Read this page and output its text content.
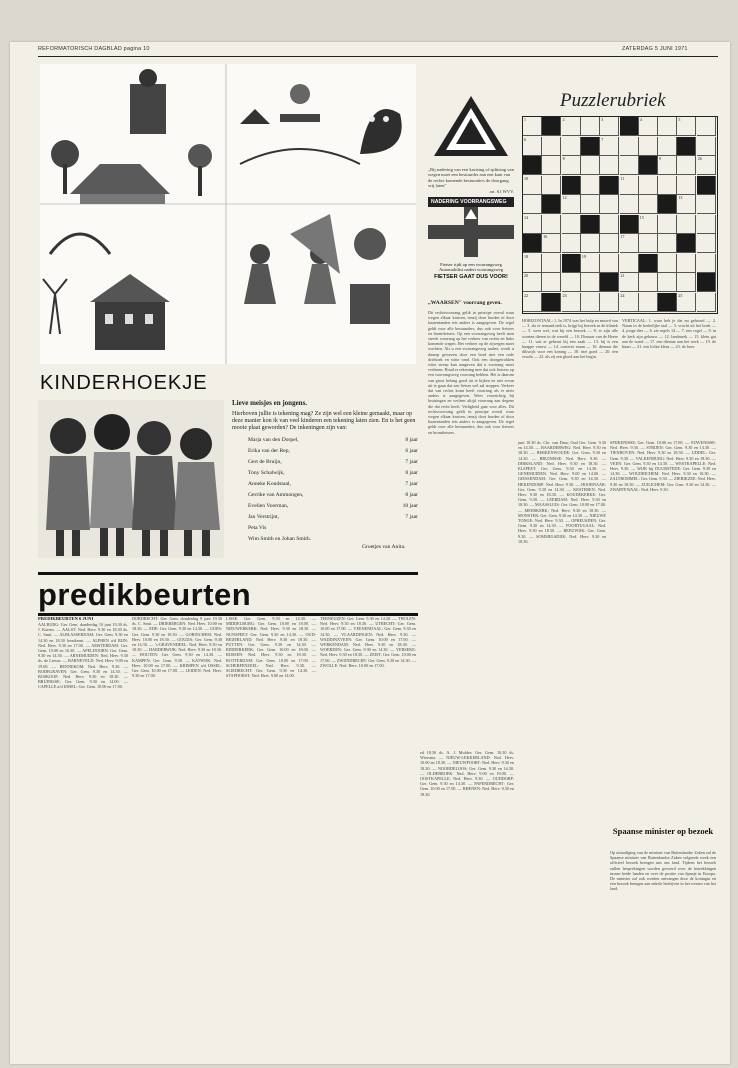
REFORMATORISCH DAGBLAD pagina 10	ZATERDAG 5 JUNI 1971
„Bij nadering van een kruising of splitsing van wegen moet een bestuurder aan een kant van de rechts komende bestuurders de doorgang vrij laten"
art. 61 WVV.
NADERING VOORRANGSWEG
Fietser rijdt op een voorrangsweg
Automobilist nadert voorrangsweg
FIETSER GAAT DUS VOOR!
„WAARSEN" voorrang geven.
Dit rechtsvoorrang geldt in principe overal waar wegen elkaar kruisen, tenzij door borden of door haaientanden iets anders is aangegeven. De regel geldt voor alle bestuurders, dus ook voor fietsers en bromfietsers. Op een voorrangsweg heeft men steeds voorrang op het verkeer van rechts en links komende wegen. Het verkeer op de zijwegen moet wachten. Als u een voorrangsweg nadert, wordt u daarop gewezen door een bord met een rode driehoek en witte rand. Ook een doorgetrokken witte streep kan aangeven dat u voorrang moet verlenen. Houd er rekening mee dat ook fietsers op een voorrangsweg voorrang hebben. Het is daarom van groot belang goed uit te kijken en niet ervan uit te gaan dat een fietser wel zal stoppen. Verkeer dat van rechts komt heeft voorrang als er niets anders is aangegeven. Wees voorzichtig bij kruisingen en verleen altijd voorrang aan degene die dat recht heeft. Veiligheid gaat voor alles. Dit rechtsvoorrang geldt in principe overal waar wegen elkaar kruisen, tenzij door borden of door haaientanden iets anders is aangegeven. De regel geldt voor alle bestuurders, dus ook voor fietsers en bromfietsers.
Puzzlerubriek
1	2	3	4	5
6	7
8	9	26
10	11
12	13
14	15
16	17
18	19
20	21
22	23	24	25
HORIZONTAAL: 1. In 1974 was het hulp en moord van — 3. als er iemand ziek is, krijgt hij bezoek in de kliniek — 5. weet wel, wat bij een bezoek — 8. er zijn alle soorten dieren in de wereld — 10. Dienaar van de Heere — 11. wat er gebeurt bij een zaak — 13. hij is een knappe vrouw — 14. oosterse naam — 16. dienaar die dikwijls voor een koning — 18. niet goed — 20. een vrucht — 22. als zij een gloed aan het begin.
VERTICAAL: 1. waar heb je dat nu gehoord — 2. Naam in de kerkelijke taal — 3. vrucht uit het boek — 4. jonge dier — 6. zie regels 14 — 7. een vogel — 9. in de kerk zijn gebouw — 12. landmerk — 15. klein gat aan de wand — 17. een dienaar aan het werk — 19. de buurt — 21. een lichte kleur — 23. de boer.
KINDERHOEKJE
Lieve meisjes en jongens.
Hierboven jullie is tekening mag? Ze zijn wel een kleine gemaakt, maar op deze manier kon ik van veel kinderen een tekening laten zien. En is het geen mooie plaat geworden? De inkeningen zijn van:
Marja van den Dorpel,	8 jaar
Erika van der Rep,	6 jaar
Gert de Bruijn,	7 jaar
Tony Schalwijk,	8 jaar
Anneke Koudstaal,	7 jaar
Gerrike van Ammongen,	8 jaar
Evelien Voorman,	10 jaar
Jan Verstrijnt,	7 jaar
Peta Vis
Wim Smith en Johan Smith.
Groetjes van Anita.
predikbeurten
PREDIKBEURTEN 6 JUNI
AALBURG: Ger. Gem. donderdag 10 juni 19.30 ds. J. Karens. — AALST: Ned. Herv. 9.30 en 18.30 ds. C. Smit. — ALBLASSERDAM: Ger. Gem. 9.30 en 14.30 en 18.30 leesdienst. — ALPHEN a/d RIJN: Ned. Herv. 9.30 en 17.00. — AMSTERDAM: Ger. Gem. 10.00 en 16.30. — APELDOORN: Ger. Gem. 9.30 en 14.30. — ARNEMUIDEN: Ned. Herv. 9.30 ds. de Leeuw. — BARNEVELD: Ned. Herv. 9.00 en 19.00. — BENNEKOM: Ned. Herv. 9.30. — BODEGRAVEN: Ger. Gem. 9.30 en 14.30. — BOSKOOP: Ned. Herv. 9.30 en 18.30. — BRUINISSE: Ger. Gem. 9.30 en 14.00. — CAPELLE a/d IJSSEL: Ger. Gem. 10.00 en 17.00.
DORDRECHT: Ger. Gem. donderdag 9 juni 19.30 ds. C. Smit. — DRIEBERGEN: Ned. Herv. 10.00 en 18.30. — EDE: Ger. Gem. 9.30 en 14.30. — GOES: Ger. Gem. 9.30 en 18.30. — GORINCHEM: Ned. Herv. 10.00 en 18.30. — GOUDA: Ger. Gem. 9.30 en 14.30. — 's-GRAVENDEEL: Ned. Herv. 9.30 en 18.30. — HARDERWIJK: Ned. Herv. 9.30 en 18.30. — HOUTEN: Ger. Gem. 9.30 en 14.30. — KAMPEN: Ger. Gem. 9.30. — KATWIJK: Ned. Herv. 10.00 en 17.00. — KRIMPEN a/d IJSSEL: Ger. Gem. 10.00 en 17.00. — LEIDEN: Ned. Herv. 9.30 en 17.00.
LISSE: Ger. Gem. 9.30 en 14.30. — MIDDELBURG: Ger. Gem. 10.00 en 18.00. — NIEUWERKERK: Ned. Herv. 9.30 en 18.30. — NUNSPEET: Ger. Gem. 9.30 en 14.30. — OUD-BEIJERLAND: Ned. Herv. 9.30 en 18.30. — PUTTEN: Ger. Gem. 9.30 en 14.30. — RIDDERKERK: Ger. Gem. 10.00 en 18.00. — RIJSSEN: Ned. Herv. 9.30 en 18.30. — ROTTERDAM: Ger. Gem. 10.00 en 17.00. — SCHERPENZEEL: Ned. Herv. 9.30. — SLIEDRECHT: Ger. Gem. 9.30 en 14.30. — STAPHORST: Ned. Herv. 9.00 en 14.00.
TERNEUZEN: Ger. Gem. 9.30 en 14.30. — THOLEN: Ned. Herv. 9.30 en 18.30. — UTRECHT: Ger. Gem. 10.00 en 17.00. — VEENENDAAL: Ger. Gem. 9.30 en 14.30. — VLAARDINGEN: Ned. Herv. 9.30. — WADDINXVEEN: Ger. Gem. 10.00 en 17.00. — WERKENDAM: Ned. Herv. 9.30 en 18.30. — WOERDEN: Ger. Gem. 9.30 en 14.30. — YERSEKE: Ned. Herv. 9.30 en 18.30. — ZEIST: Ger. Gem. 10.00 en 17.00. — ZWIJNDRECHT: Ger. Gem. 9.30 en 14.30. — ZWOLLE: Ned. Herv. 10.00 en 17.00.
ed 18.30 ds. A. J. Mulder; Ger. Gem. 10.30 ds. Wiersma. — NIEUW-LEKKERLAND: Ned. Herv. 10.00 en 18.30. — NIEUWPOORT: Ned. Herv. 9.30 en 18.30. — NOORDELOOS: Ger. Gem. 9.30 en 14.30. — OLDEBROEK: Ned. Herv. 9.00 en 19.00. — OOSTKAPELLE: Ned. Herv. 9.30. — OUDDORP: Ger. Gem. 9.30 en 14.30. — PAPENDRECHT: Ger. Gem. 10.00 en 17.00. — RHENEN: Ned. Herv. 9.30 en 18.30.
juni 10.30 ds. Chr. van Dam; Oud Ger. Gem. 9.30 en 14.30. — BAARDERWEG: Ned. Herv. 9.30 en 18.30. — BERKENWOUDE: Ger. Gem. 9.30 en 14.30. — BRUINISSE: Ned. Herv. 9.30. — DIRKSLAND: Ned. Herv. 9.30 en 18.30. — ELSPEET: Ger. Gem. 9.30 en 14.30. — GENEMUIDEN: Ned. Herv. 9.00 en 14.00. — GIESSENDAM: Ger. Gem. 9.30 en 14.30. — HEKENDORP: Ned. Herv. 9.30. — HOORNAAR: Ger. Gem. 9.30 en 14.30. — KESTEREN: Ned. Herv. 9.30 en 18.30. — KOUDEKERKE: Ger. Gem. 9.30. — LEERDAM: Ned. Herv. 9.30 en 18.30. — MAASSLUIS: Ger. Gem. 10.00 en 17.00. — MEERKERK: Ned. Herv. 9.30 en 18.30. — MONSTER: Ger. Gem. 9.30 en 14.30. — NIEUWE TONGE: Ned. Herv. 9.30. — OPHEUSDEN: Ger. Gem. 9.30 en 14.30. — POORTUGAAL: Ned. Herv. 9.30 en 18.30. — REEUWIJK: Ger. Gem. 9.30. — SOMMELSDIJK: Ned. Herv. 9.30 en 18.30.
SPIJKENISSE: Ger. Gem. 10.00 en 17.00. — STAVENISSE: Ned. Herv. 9.30. — STRIJEN: Ger. Gem. 9.30 en 14.30. — TIENHOVEN: Ned. Herv. 9.30 en 18.30. — UDDEL: Ger. Gem. 9.30. — VALKENBURG: Ned. Herv. 9.30 en 18.30. — VEEN: Ger. Gem. 9.30 en 14.30. — WESTKAPELLE: Ned. Herv. 9.30. — WIJK bij DUURSTEDE: Ger. Gem. 9.30 en 14.30. — WOUDRICHEM: Ned. Herv. 9.30 en 18.30. — ZALTBOMMEL: Ger. Gem. 9.30. — ZIERIKZEE: Ned. Herv. 9.30 en 18.30. — ZUILICHEM: Ger. Gem. 9.30 en 14.30. — ZWARTEWAAL: Ned. Herv. 9.30.
Spaanse minister op bezoek
Op uitnodiging van de minister van Buitenlandse Zaken zal de Spaanse minister van Buitenlandse Zaken volgende week een officieel bezoek brengen aan ons land. Tijdens het bezoek zullen besprekingen worden gevoerd over de betrekkingen tussen beide landen en over de positie van Spanje in Europa. De minister zal ook worden ontvangen door de koningin en een bezoek brengen aan enkele bedrijven in het westen van het land.
